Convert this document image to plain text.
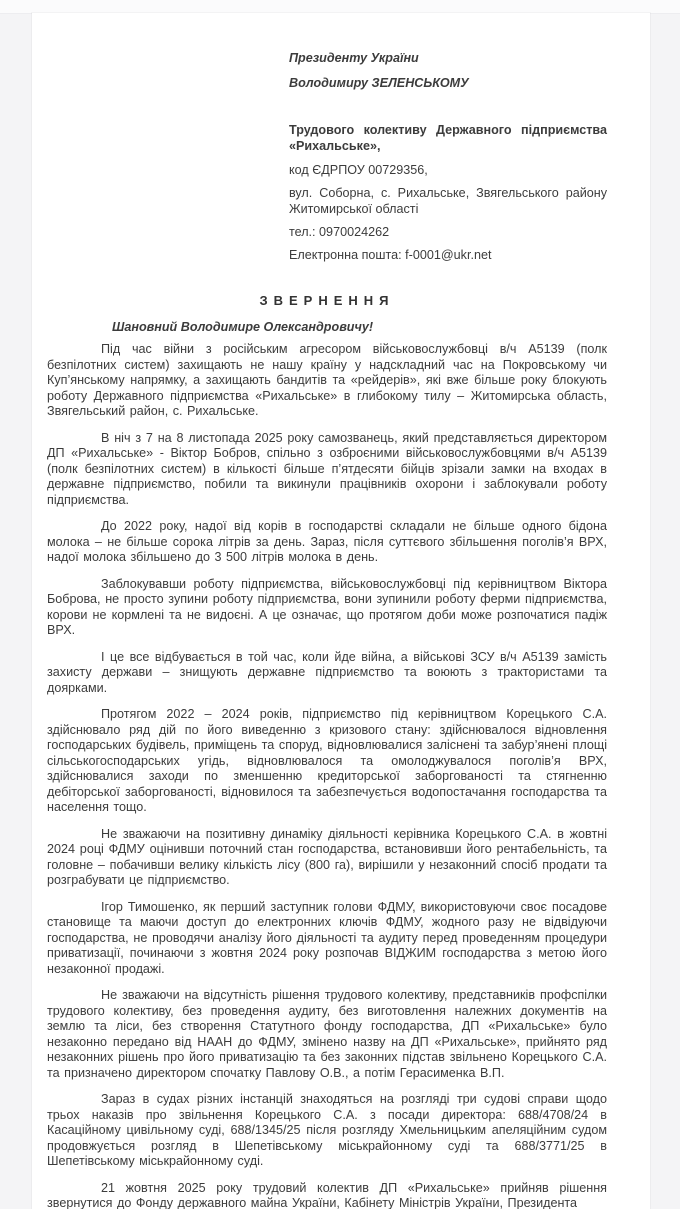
Президенту України

Володимиру ЗЕЛЕНСЬКОМУ

Трудового колективу Державного підприємства «Рихальське»,

код ЄДРПОУ 00729356,

вул. Соборна, с. Рихальське, Звягельського району Житомирської області

тел.: 0970024262

Електронна пошта: f-0001@ukr.net

ЗВЕРНЕННЯ

Шановний Володимире Олександровичу!

Під час війни з російським агресором військовослужбовці в/ч А5139 (полк безпілотних систем) захищають не нашу країну у надскладний час на Покровському чи Куп’янському напрямку, а захищають бандитів та «рейдерів», які вже більше року блокують роботу Державного підприємства «Рихальське» в глибокому тилу – Житомирська область, Звягельський район, с. Рихальське.

В ніч з 7 на 8 листопада 2025 року самозванець, який представляється директором ДП «Рихальське» - Віктор Бобров, спільно з озброєними військовослужбовцями в/ч А5139 (полк безпілотних систем) в кількості більше п’ятдесяти бійців зрізали замки на входах в державне підприємство, побили та викинули працівників охорони і заблокували роботу підприємства.

До 2022 року, надої від корів в господарстві складали не більше одного бідона молока – не більше сорока літрів за день. Зараз, після суттєвого збільшення поголів’я ВРХ, надої молока збільшено до 3 500 літрів молока в день.

Заблокувавши роботу підприємства, військовослужбовці під керівництвом Віктора Боброва, не просто зупини роботу підприємства, вони зупинили роботу ферми підприємства, корови не кормлені та не видоєні. А це означає, що протягом доби може розпочатися падіж ВРХ.

І це все відбувається в той час, коли йде війна, а військові ЗСУ в/ч А5139 замість захисту держави – знищують державне підприємство та воюють з трактористами та доярками.

Протягом 2022 – 2024 років, підприємство під керівництвом Корецького С.А. здійснювало ряд дій по його виведенню з кризового стану: здійснювалося відновлення господарських будівель, приміщень та споруд, відновлювалися заліснені та забур’янені площі сільськогосподарських угідь, відновлювалося та омолоджувалося поголів’я ВРХ, здійснювалися заходи по зменшенню кредиторської заборгованості та стягненню дебіторської заборгованості, відновилося та забезпечується водопостачання господарства та населення тощо.

Не зважаючи на позитивну динаміку діяльності керівника Корецького С.А. в жовтні 2024 році ФДМУ оцінивши поточний стан господарства, встановивши його рентабельність, та головне – побачивши велику кількість лісу (800 га), вирішили у незаконний спосіб продати та розграбувати це підприємство.

Ігор Тимошенко, як перший заступник голови ФДМУ, використовуючи своє посадове становище та маючи доступ до електронних ключів ФДМУ, жодного разу не відвідуючи господарства, не проводячи аналізу його діяльності та аудиту перед проведенням процедури приватизації, починаючи з жовтня 2024 року розпочав ВІДЖИМ господарства з метою його незаконної продажі.

Не зважаючи на відсутність рішення трудового колективу, представників профспілки трудового колективу, без проведення аудиту, без виготовлення належних документів на землю та ліси, без створення Статутного фонду господарства, ДП «Рихальське» було незаконно передано від НААН до ФДМУ, змінено назву на ДП «Рихальське», прийнято ряд незаконних рішень про його приватизацію та без законних підстав звільнено Корецького С.А. та призначено директором спочатку Павлову О.В., а потім Герасименка В.П.

Зараз в судах різних інстанцій знаходяться на розгляді три судові справи щодо трьох наказів про звільнення Корецького С.А. з посади директора: 688/4708/24 в Касаційному цивільному суді, 688/1345/25 після розгляду Хмельницьким апеляційним судом продовжується розгляд в Шепетівському міськрайонному суді та 688/3771/25 в Шепетівському міськрайонному суді.

21 жовтня 2025 року трудовий колектив ДП «Рихальське» прийняв рішення звернутися до Фонду державного майна України, Кабінету Міністрів України, Президента
